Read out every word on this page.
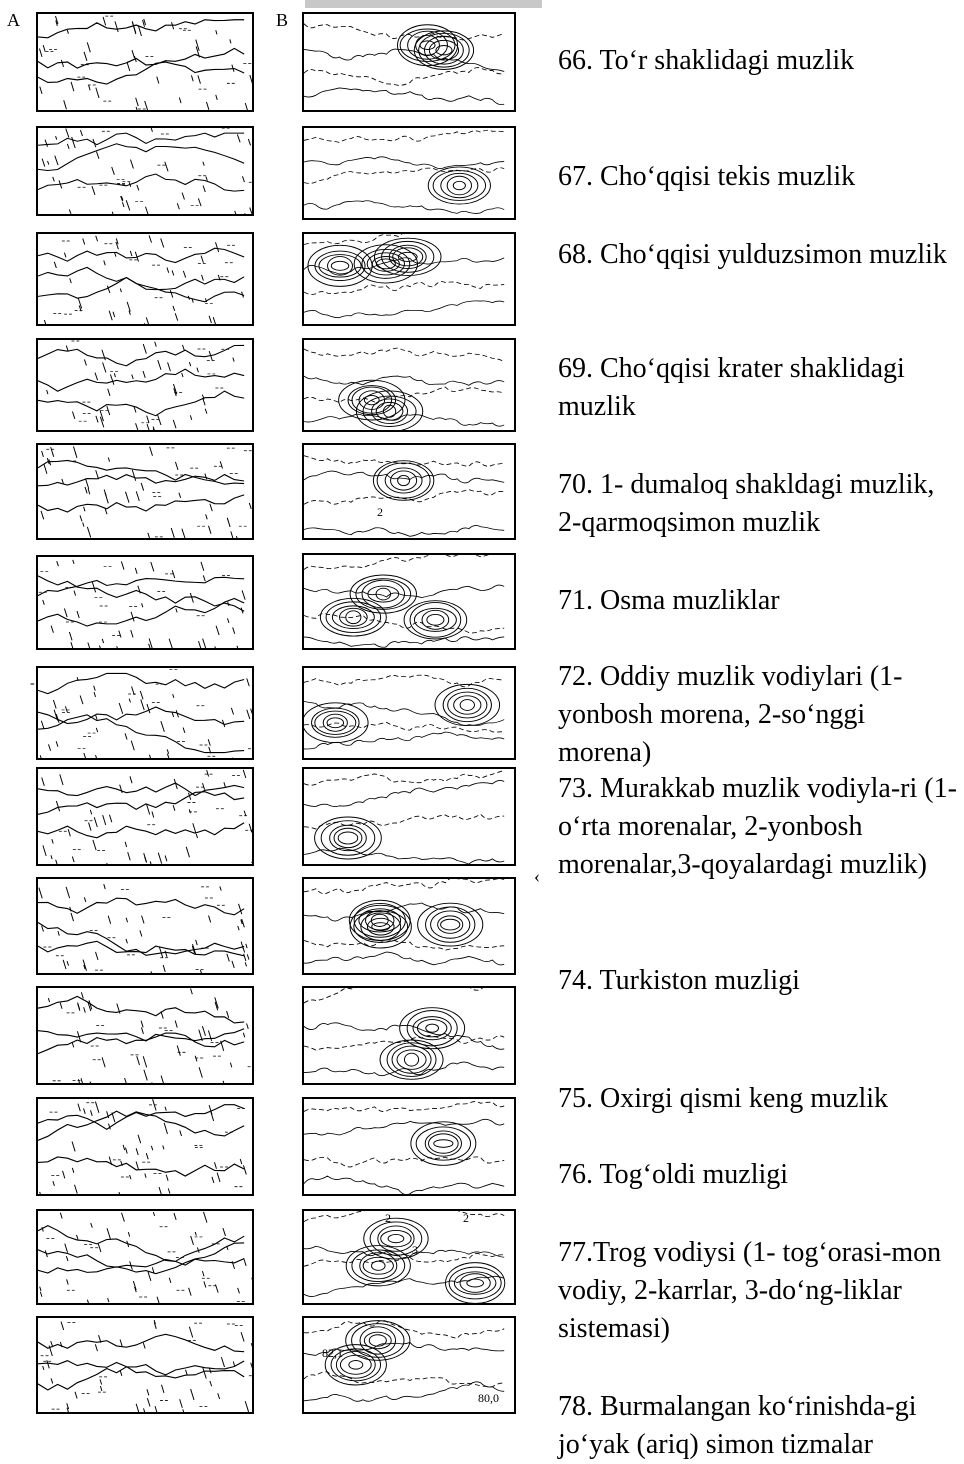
A	B
66. To‘r shaklidagi muzlik
67. Cho‘qqisi tekis muzlik
68. Cho‘qqisi yulduzsimon muzlik
69. Cho‘qqisi krater shaklidagi muzlik
70. 1- dumaloq shakldagi muzlik, 2-qarmoqsimon muzlik
71. Osma muzliklar
72. Oddiy muzlik vodiylari (1-yonbosh morena, 2-so‘nggi morena)
73. Murakkab muzlik vodiyla-ri (1-o‘rta morenalar, 2-yonbosh morenalar,3-qoyalardagi muzlik)
74. Turkiston muzligi
75. Oxirgi qismi keng muzlik
76. Tog‘oldi muzligi
77.Trog vodiysi (1- tog‘orasi-mon vodiy, 2-karrlar, 3-do‘ng-liklar sistemasi)
78. Burmalangan ko‘rinishda-gi jo‘yak (ariq) simon tizmalar
-
‹
2
2	2
3
82,1
80,0
